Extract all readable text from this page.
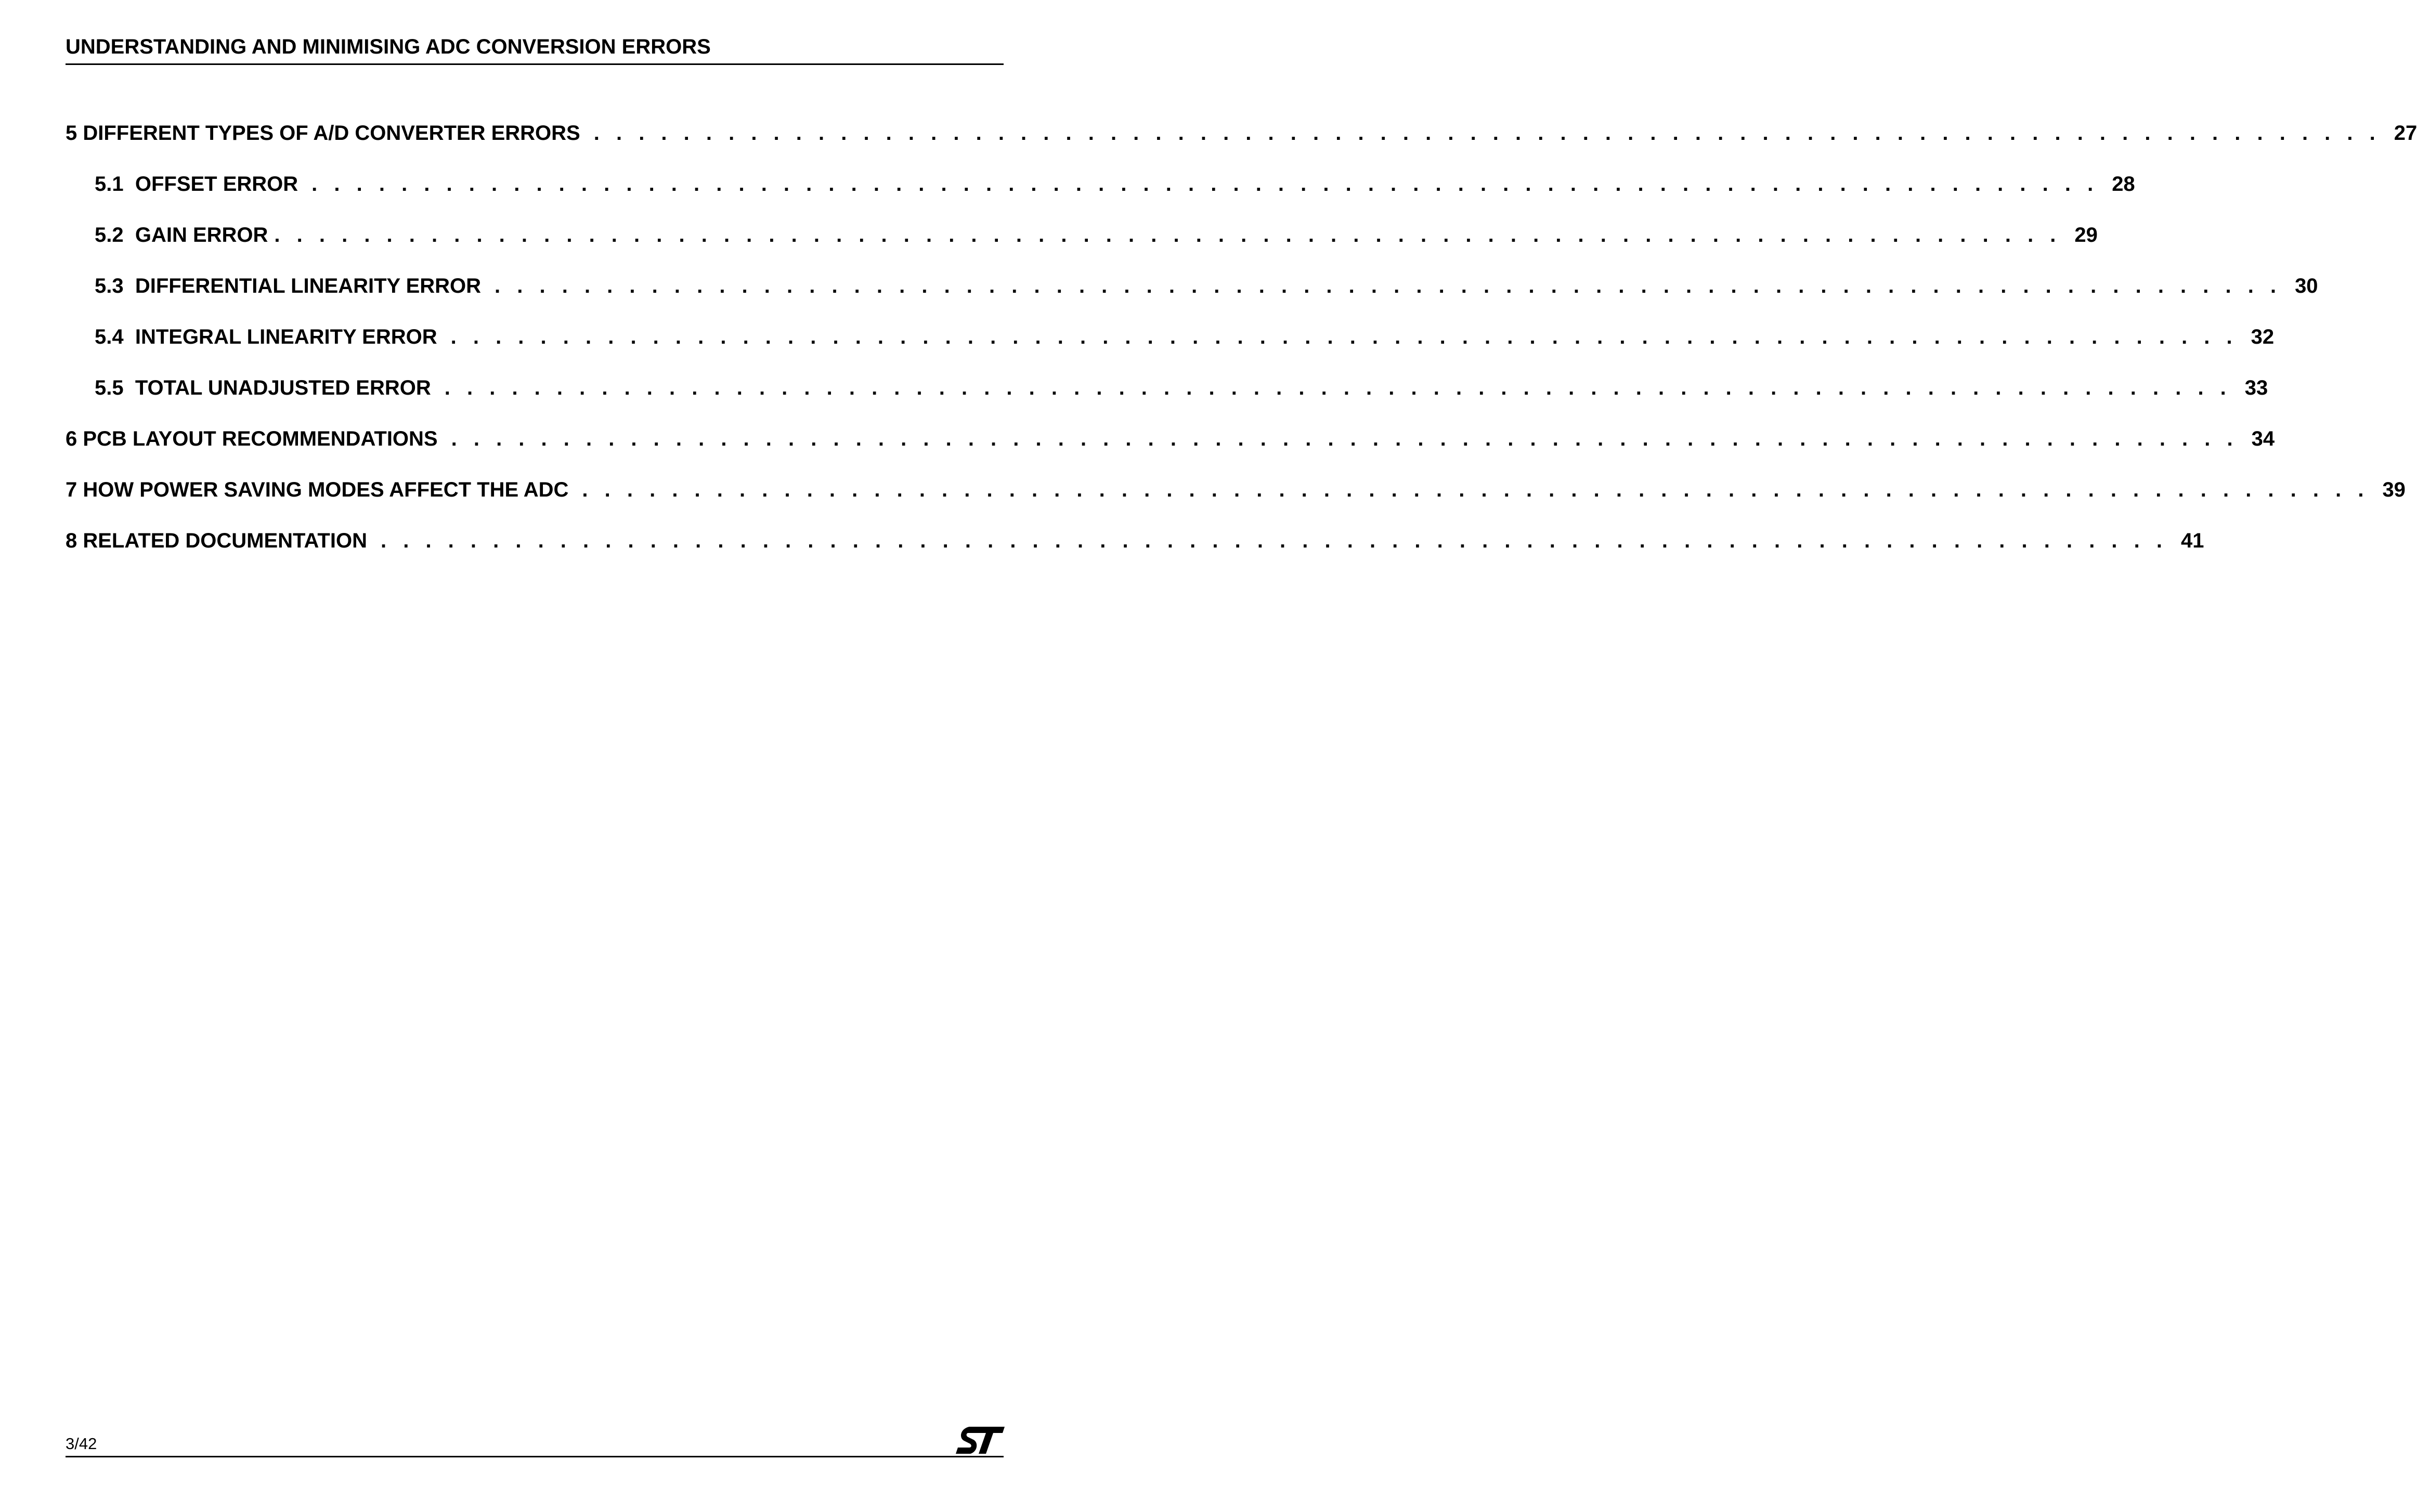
UNDERSTANDING AND MINIMISING ADC CONVERSION ERRORS
5 DIFFERENT TYPES OF A/D CONVERTER ERRORS . . . . . . . . . . . . . . . . . . . . . . . . . . . . . . . . . . . . . . . . . . . . . . . . . . . . . . . . . . . . . . . . . . . . . . . . . . . . . . . . 27
5.1  OFFSET ERROR . . . . . . . . . . . . . . . . . . . . . . . . . . . . . . . . . . . . . . . . . . . . . . . . . . . . . . . . . . . . . . . . . . . . . . . . . . . . . . . . 28
5.2  GAIN ERROR . . . . . . . . . . . . . . . . . . . . . . . . . . . . . . . . . . . . . . . . . . . . . . . . . . . . . . . . . . . . . . . . . . . . . . . . . . . . . . . . 29
5.3  DIFFERENTIAL LINEARITY ERROR . . . . . . . . . . . . . . . . . . . . . . . . . . . . . . . . . . . . . . . . . . . . . . . . . . . . . . . . . . . . . . . . . . . . . . . . . . . . . . . . 30
5.4  INTEGRAL LINEARITY ERROR . . . . . . . . . . . . . . . . . . . . . . . . . . . . . . . . . . . . . . . . . . . . . . . . . . . . . . . . . . . . . . . . . . . . . . . . . . . . . . . . 32
5.5  TOTAL UNADJUSTED ERROR . . . . . . . . . . . . . . . . . . . . . . . . . . . . . . . . . . . . . . . . . . . . . . . . . . . . . . . . . . . . . . . . . . . . . . . . . . . . . . . . 33
6 PCB LAYOUT RECOMMENDATIONS . . . . . . . . . . . . . . . . . . . . . . . . . . . . . . . . . . . . . . . . . . . . . . . . . . . . . . . . . . . . . . . . . . . . . . . . . . . . . . . . 34
7 HOW POWER SAVING MODES AFFECT THE ADC . . . . . . . . . . . . . . . . . . . . . . . . . . . . . . . . . . . . . . . . . . . . . . . . . . . . . . . . . . . . . . . . . . . . . . . . . . . . . . . . 39
8 RELATED DOCUMENTATION . . . . . . . . . . . . . . . . . . . . . . . . . . . . . . . . . . . . . . . . . . . . . . . . . . . . . . . . . . . . . . . . . . . . . . . . . . . . . . . . 41
3/42
